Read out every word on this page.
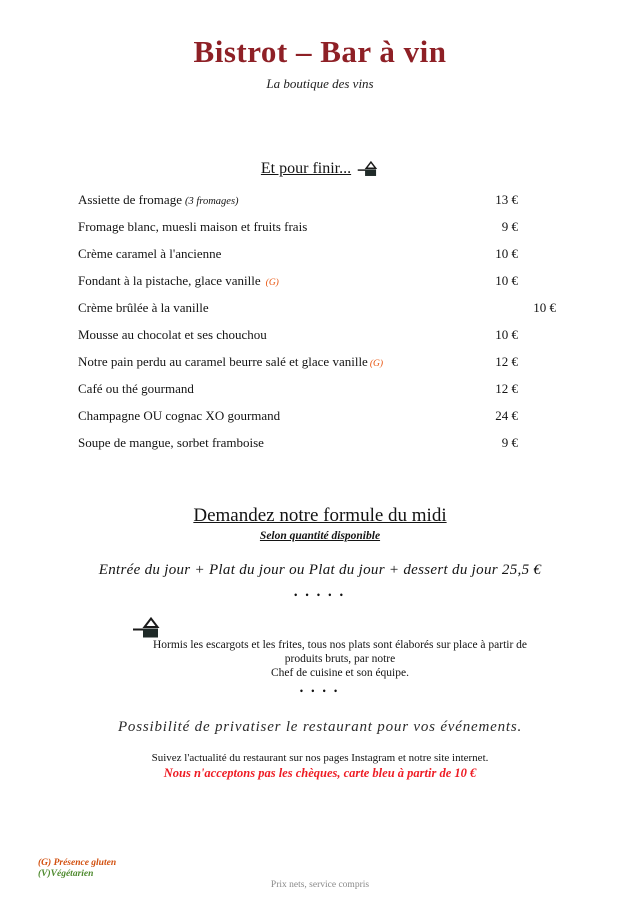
Bistrot – Bar à vin
La boutique des vins
Et pour finir...
Assiette de fromage (3 fromages)	13 €
Fromage blanc, muesli maison et fruits frais	9 €
Crème caramel à l'ancienne	10 €
Fondant à la pistache, glace vanille (G)	10 €
Crème brûlée à la vanille	10 €
Mousse au chocolat et ses chouchou	10 €
Notre pain perdu au caramel beurre salé et glace vanille (G)	12 €
Café ou thé gourmand	12 €
Champagne OU cognac XO gourmand	24 €
Soupe de mangue, sorbet framboise	9 €
Demandez notre formule du midi
Selon quantité disponible
Entrée du jour + Plat du jour ou Plat du jour + dessert du jour 25,5 €
• • • • •
Hormis les escargots et les frites, tous nos plats sont élaborés sur place à partir de
produits bruts, par notre
Chef de cuisine et son équipe.
• • • •
Possibilité de privatiser le restaurant pour vos événements.
Suivez l'actualité du restaurant sur nos pages Instagram et notre site internet.
Nous n'acceptons pas les chèques, carte bleu à partir de 10 €
(G) Présence gluten
(V)Végétarien
Prix nets, service compris
